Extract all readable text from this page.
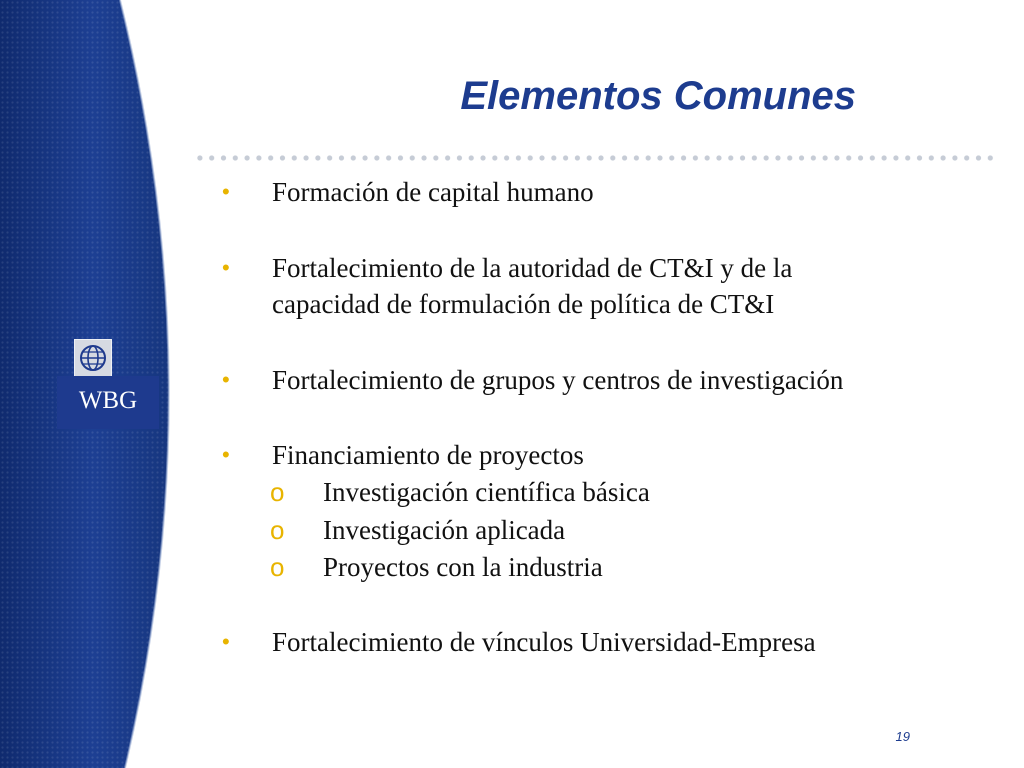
Elementos Comunes
WBG
• Formación de capital humano
• Fortalecimiento de la autoridad de CT&I y de la
capacidad de formulación de política de CT&I
• Fortalecimiento de grupos y centros de investigación
• Financiamiento de proyectos
o Investigación científica básica
o Investigación aplicada
o Proyectos con la industria
• Fortalecimiento de vínculos Universidad-Empresa
19
